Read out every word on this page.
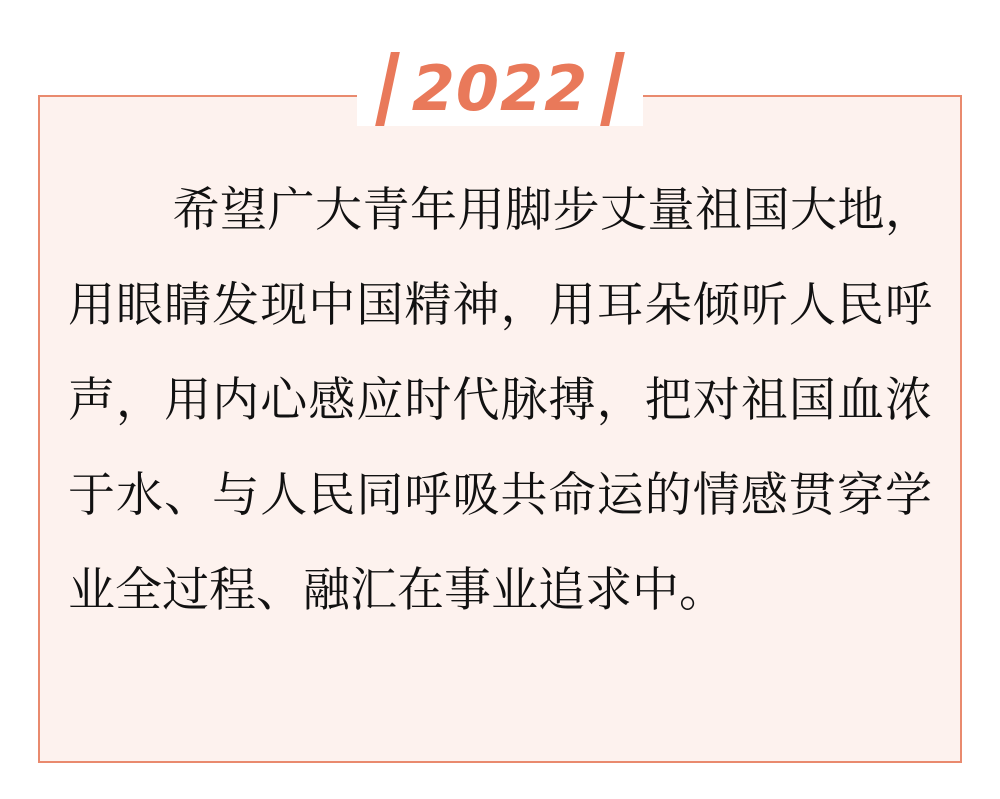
希望广大青年用脚步丈量祖国大地，用眼睛发现中国精神，用耳朵倾听人民呼声，用内心感应时代脉搏，把对祖国血浓于水、与人民同呼吸共命运的情感贯穿学业全过程、融汇在事业追求中。
2022
